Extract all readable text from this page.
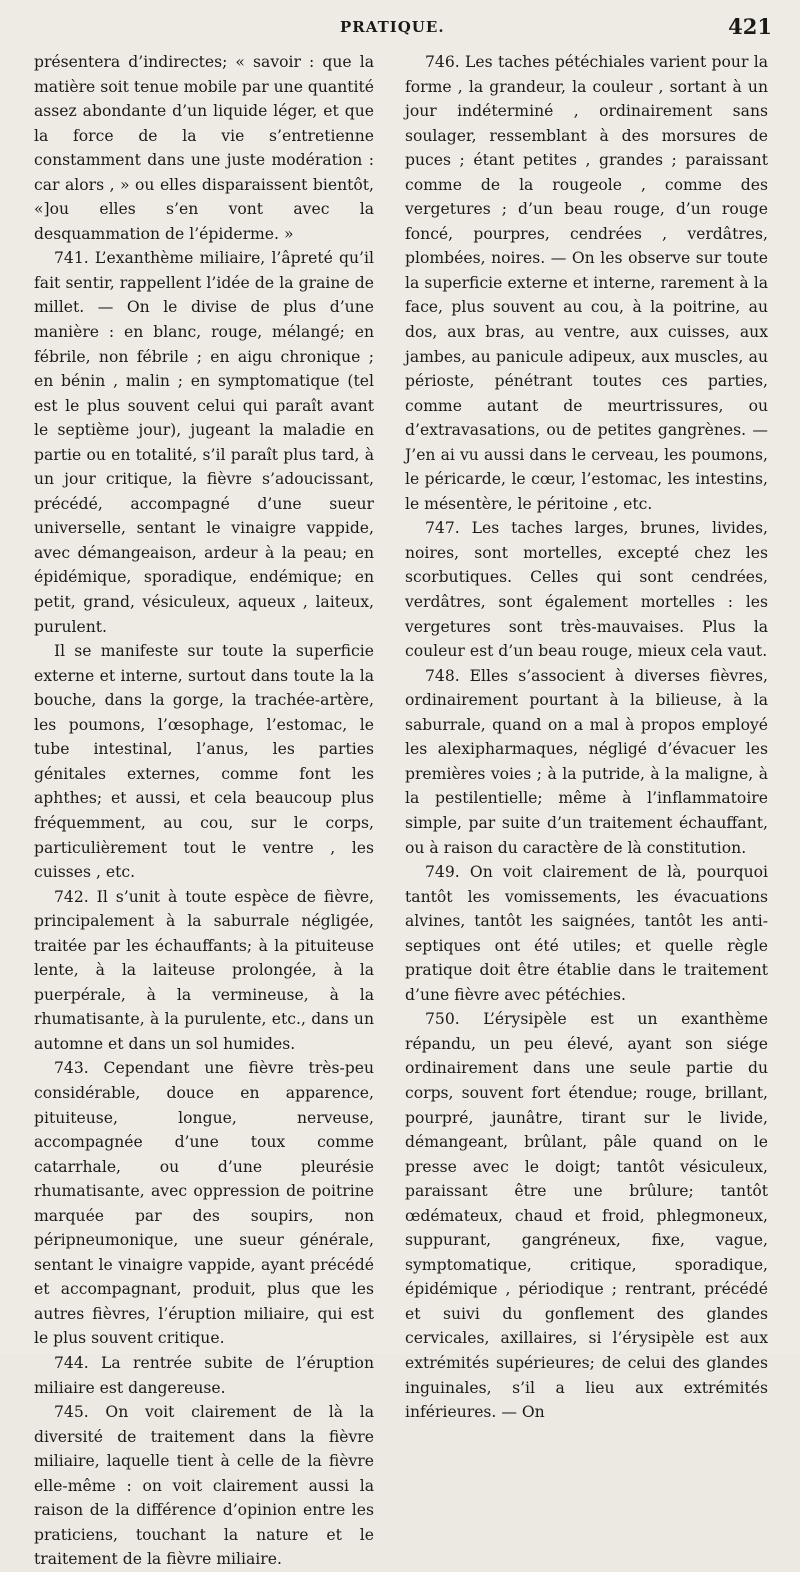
PRATIQUE.	421

présentera d’indirectes; « savoir : que la matière soit tenue mobile par une quantité assez abondante d’un liquide léger, et que la force de la vie s’entretienne constamment dans une juste modération : car alors , » ou elles disparaissent bientôt, «]ou elles s’en vont avec la desquammation de l’épiderme. »

741. L’exanthème miliaire, l’âpreté qu’il fait sentir, rappellent l’idée de la graine de millet. — On le divise de plus d’une manière : en blanc, rouge, mélangé; en fébrile, non fébrile ; en aigu chronique ; en bénin , malin ; en symptomatique (tel est le plus souvent celui qui paraît avant le septième jour), jugeant la maladie en partie ou en totalité, s’il paraît plus tard, à un jour critique, la fièvre s’adoucissant, précédé, accompagné d’une sueur universelle, sentant le vinaigre vappide, avec démangeaison, ardeur à la peau; en épidémique, sporadique, endémique; en petit, grand, vésiculeux, aqueux , laiteux, purulent.

Il se manifeste sur toute la superficie externe et interne, surtout dans toute la la bouche, dans la gorge, la trachée-artère, les poumons, l’œsophage, l’estomac, le tube intestinal, l’anus, les parties génitales externes, comme font les aphthes; et aussi, et cela beaucoup plus fréquemment, au cou, sur le corps, particulièrement tout le ventre , les cuisses , etc.

742. Il s’unit à toute espèce de fièvre, principalement à la saburrale négligée, traitée par les échauffants; à la pituiteuse lente, à la laiteuse prolongée, à la puerpérale, à la vermineuse, à la rhumatisante, à la purulente, etc., dans un automne et dans un sol humides.

743. Cependant une fièvre très-peu considérable, douce en apparence, pituiteuse, longue, nerveuse, accompagnée d’une toux comme catarrhale, ou d’une pleurésie rhumatisante, avec oppression de poitrine marquée par des soupirs, non péripneumonique, une sueur générale, sentant le vinaigre vappide, ayant précédé et accompagnant, produit, plus que les autres fièvres, l’éruption miliaire, qui est le plus souvent critique.

744. La rentrée subite de l’éruption miliaire est dangereuse.

745. On voit clairement de là la diversité de traitement dans la fièvre miliaire, laquelle tient à celle de la fièvre elle-même : on voit clairement aussi la raison de la différence d’opinion entre les praticiens, touchant la nature et le traitement de la fièvre miliaire.

746. Les taches pétéchiales varient pour la forme , la grandeur, la couleur , sortant à un jour indéterminé , ordinairement sans soulager, ressemblant à des morsures de puces ; étant petites , grandes ; paraissant comme de la rougeole , comme des vergetures ; d’un beau rouge, d’un rouge foncé, pourpres, cendrées , verdâtres, plombées, noires. — On les observe sur toute la superficie externe et interne, rarement à la face, plus souvent au cou, à la poitrine, au dos, aux bras, au ventre, aux cuisses, aux jambes, au panicule adipeux, aux muscles, au périoste, pénétrant toutes ces parties, comme autant de meurtrissures, ou d’extravasations, ou de petites gangrènes. — J’en ai vu aussi dans le cerveau, les poumons, le péricarde, le cœur, l’estomac, les intestins, le mésentère, le péritoine , etc.

747. Les taches larges, brunes, livides, noires, sont mortelles, excepté chez les scorbutiques. Celles qui sont cendrées, verdâtres, sont également mortelles : les vergetures sont très-mauvaises. Plus la couleur est d’un beau rouge, mieux cela vaut.

748. Elles s’associent à diverses fièvres, ordinairement pourtant à la bilieuse, à la saburrale, quand on a mal à propos employé les alexipharmaques, négligé d’évacuer les premières voies ; à la putride, à la maligne, à la pestilentielle; même à l’inflammatoire simple, par suite d’un traitement échauffant, ou à raison du caractère de là constitution.

749. On voit clairement de là, pourquoi tantôt les vomissements, les évacuations alvines, tantôt les saignées, tantôt les anti-septiques ont été utiles; et quelle règle pratique doit être établie dans le traitement d’une fièvre avec pétéchies.

750. L’érysipèle est un exanthème répandu, un peu élevé, ayant son siége ordinairement dans une seule partie du corps, souvent fort étendue; rouge, brillant, pourpré, jaunâtre, tirant sur le livide, démangeant, brûlant, pâle quand on le presse avec le doigt; tantôt vésiculeux, paraissant être une brûlure; tantôt œdémateux, chaud et froid, phlegmoneux, suppurant, gangréneux, fixe, vague, symptomatique, critique, sporadique, épidémique , périodique ; rentrant, précédé et suivi du gonflement des glandes cervicales, axillaires, si l’érysipèle est aux extrémités supérieures; de celui des glandes inguinales, s’il a lieu aux extrémités inférieures. — On
